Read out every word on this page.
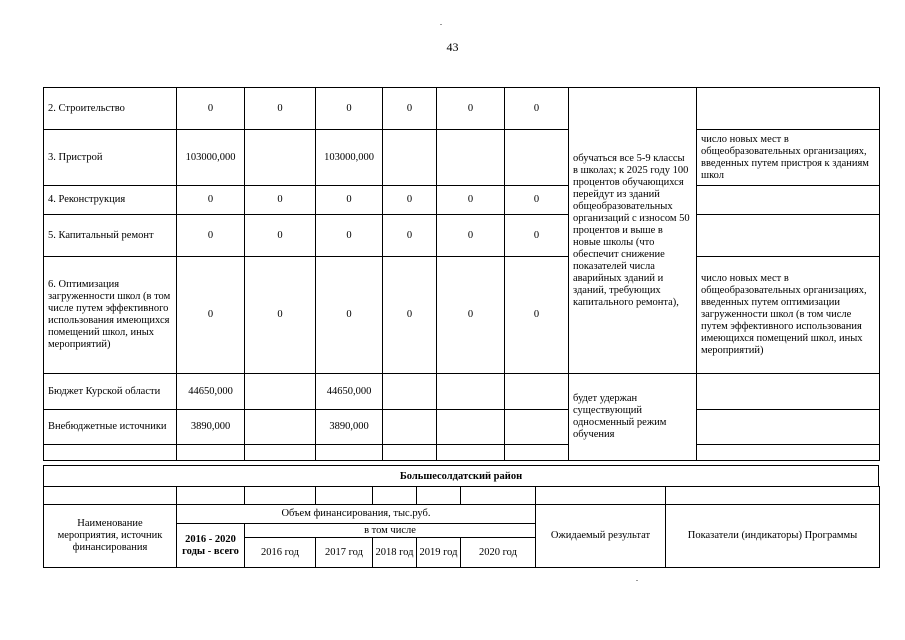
43
2. Строительство	0	0	0	0	0	0	обучаться все 5-9 классы в школах; к 2025 году 100 процентов обучающихся перейдут из зданий общеобразовательных организаций с износом 50 процентов и выше в новые школы (что обеспечит снижение показателей числа аварийных зданий и зданий, требующих капитального ремонта),	
3. Пристрой	103000,000		103000,000					число новых мест в общеобразовательных организациях, введенных путем пристроя к зданиям школ
4. Реконструкция	0	0	0	0	0	0		
5. Капитальный ремонт	0	0	0	0	0	0		
6. Оптимизация загруженности школ (в том числе путем эффективного использования имеющихся помещений школ, иных мероприятий)	0	0	0	0	0	0		число новых мест в общеобразовательных организациях, введенных путем оптимизации загруженности школ (в том числе путем эффективного использования имеющихся помещений школ, иных мероприятий)
Бюджет Курской области	44650,000		44650,000				будет удержан существующий односменный режим обучения	
Внебюджетные источники	3890,000		3890,000					

Большесолдатский район

Наименование мероприятия, источник финансирования	Объем финансирования, тыс.руб.						Ожидаемый результат	Показатели (индикаторы) Программы
	2016 - 2020 годы - всего	в том числе						
		2016 год	2017 год	2018 год	2019 год	2020 год		
